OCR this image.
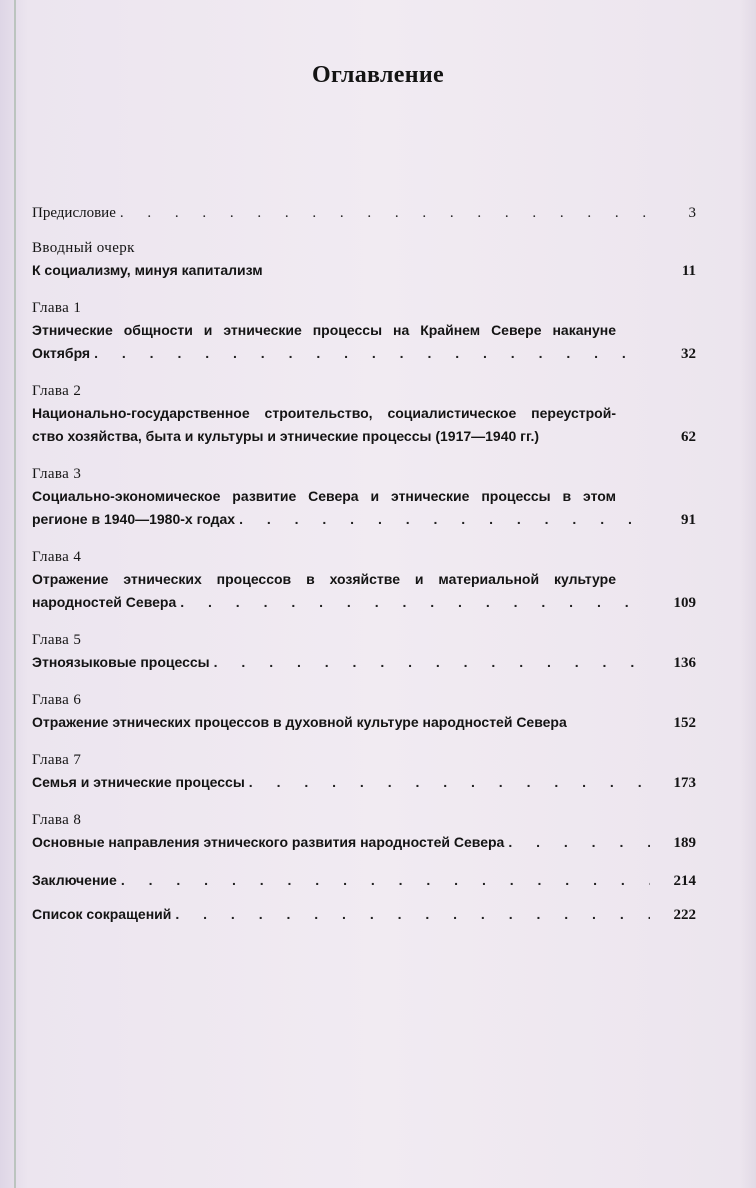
Оглавление
Предисловие . . .	3
Вводный очерк
К социализму, минуя капитализм	11
Глава 1
Этнические общности и этнические процессы на Крайнем Севере накануне
Октября . . .	32
Глава 2
Национально-государственное строительство, социалистическое переустрой-
ство хозяйства, быта и культуры и этнические процессы (1917—1940 гг.)	62
Глава 3
Социально-экономическое развитие Севера и этнические процессы в этом
регионе в 1940—1980-х годах . . .	91
Глава 4
Отражение этнических процессов в хозяйстве и материальной культуре
народностей Севера . . .	109
Глава 5
Этноязыковые процессы . . .	136
Глава 6
Отражение этнических процессов в духовной культуре народностей Севера	152
Глава 7
Семья и этнические процессы . . .	173
Глава 8
Основные направления этнического развития народностей Севера . . .	189
Заключение . . .	214
Список сокращений . . .	222
